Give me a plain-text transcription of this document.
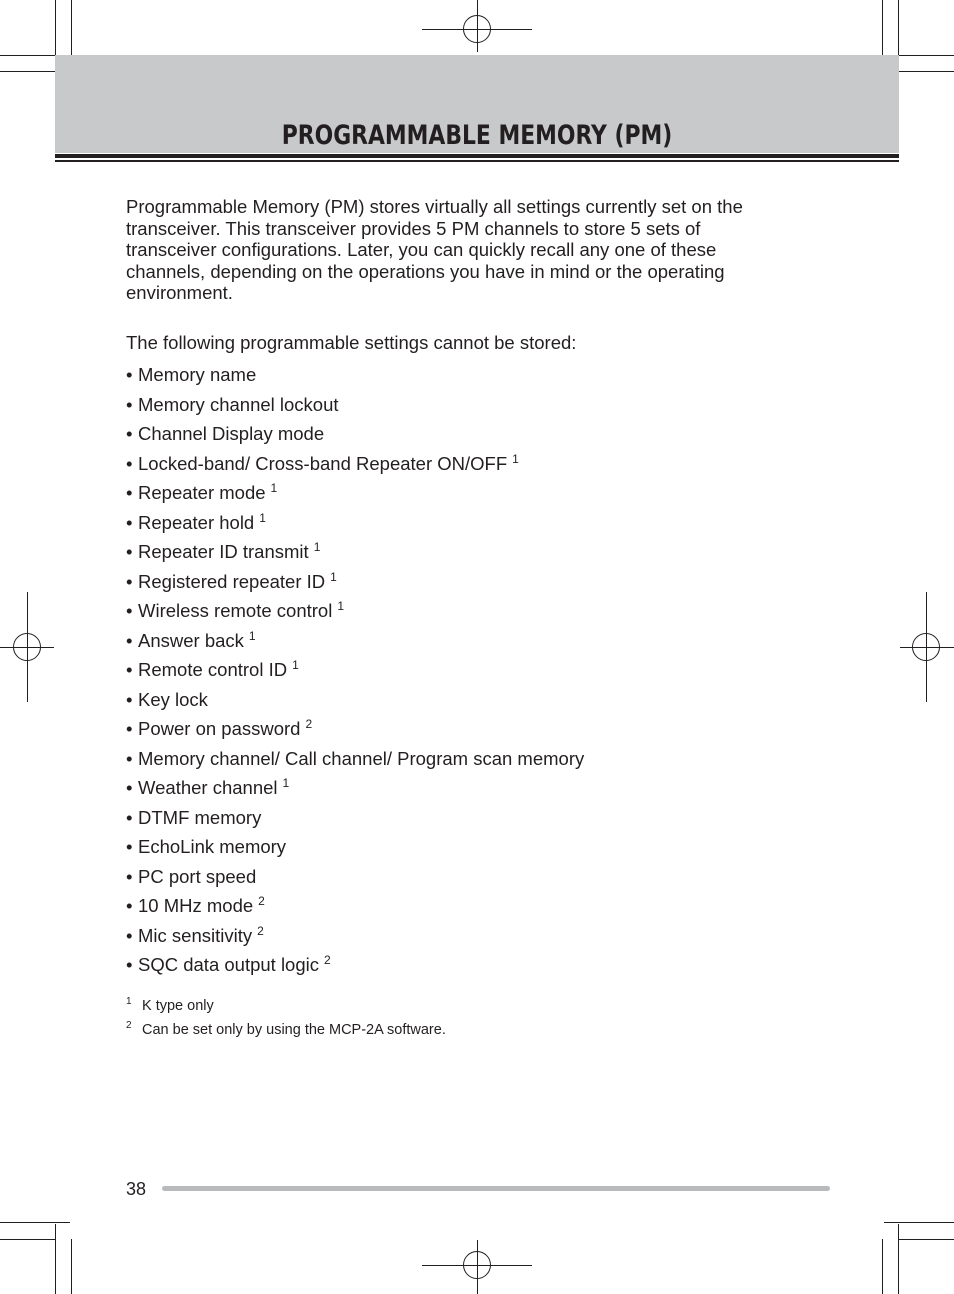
PROGRAMMABLE MEMORY (PM)

Programmable Memory (PM) stores virtually all settings currently set on the transceiver. This transceiver provides 5 PM channels to store 5 sets of transceiver configurations. Later, you can quickly recall any one of these channels, depending on the operations you have in mind or the operating environment.

The following programmable settings cannot be stored:

• Memory name
• Memory channel lockout
• Channel Display mode
• Locked-band/ Cross-band Repeater ON/OFF $^1$
• Repeater mode $^1$
• Repeater hold $^1$
• Repeater ID transmit $^1$
• Registered repeater ID $^1$
• Wireless remote control $^1$
• Answer back $^1$
• Remote control ID $^1$
• Key lock
• Power on password $^2$
• Memory channel/ Call channel/ Program scan memory
• Weather channel $^1$
• DTMF memory
• EchoLink memory
• PC port speed
• 10 MHz mode $^2$
• Mic sensitivity $^2$
• SQC data output logic $^2$
1 K type only
2 Can be set only by using the MCP-2A software.
38
